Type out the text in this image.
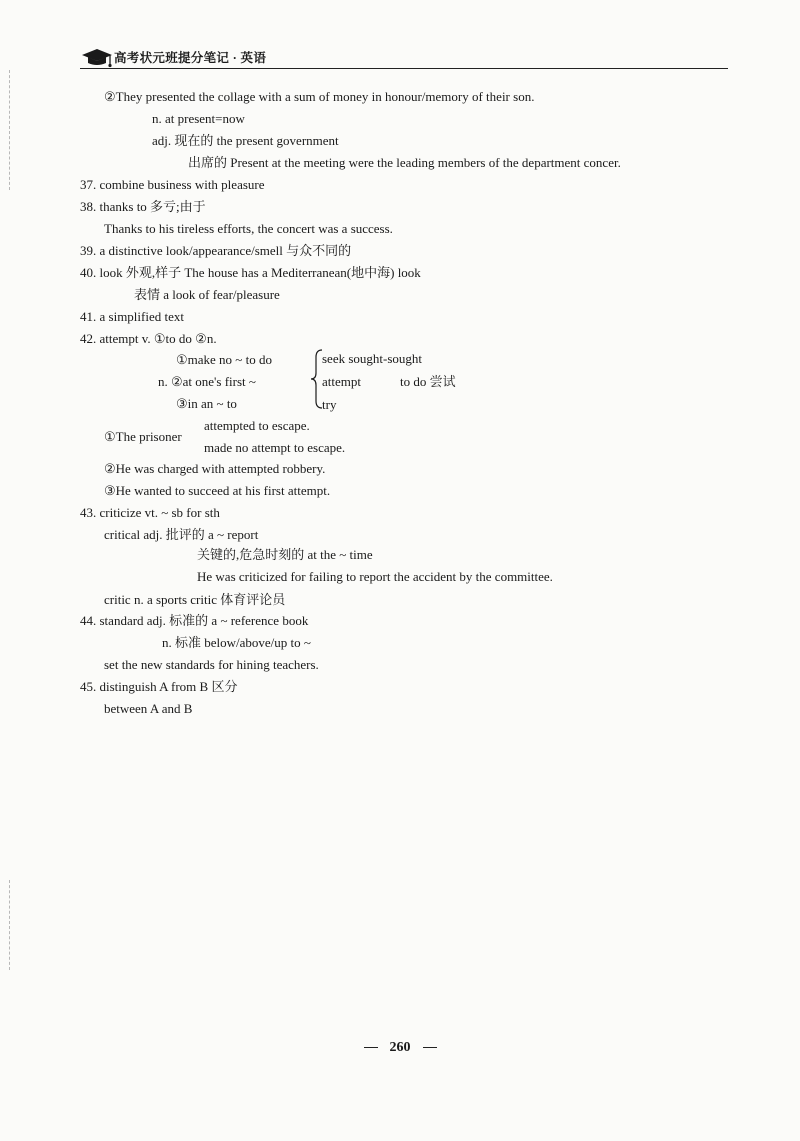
高考状元班提分笔记 · 英语
②They presented the collage with a sum of money in honour/memory of their son.
n. at present=now
adj. 现在的 the present government
出席的 Present at the meeting were the leading members of the department concer.
37. combine business with pleasure
38. thanks to 多亏;由于
Thanks to his tireless efforts, the concert was a success.
39. a distinctive look/appearance/smell 与众不同的
40. look 外观,样子 The house has a Mediterranean(地中海) look
表情 a look of fear/pleasure
41. a simplified text
42. attempt v. ①to do ②n.
①make no ~ to do
n. ②at one's first ~
③in an ~ to
seek sought-sought
attempt	to do 尝试
try
attempted to escape.
①The prisoner
made no attempt to escape.
②He was charged with attempted robbery.
③He wanted to succeed at his first attempt.
43. criticize vt. ~ sb for sth
critical adj. 批评的 a ~ report
关键的,危急时刻的 at the ~ time
He was criticized for failing to report the accident by the committee.
critic n. a sports critic 体育评论员
44. standard adj. 标准的 a ~ reference book
n. 标准 below/above/up to ~
set the new standards for hining teachers.
45. distinguish A from B 区分
between A and B
260
